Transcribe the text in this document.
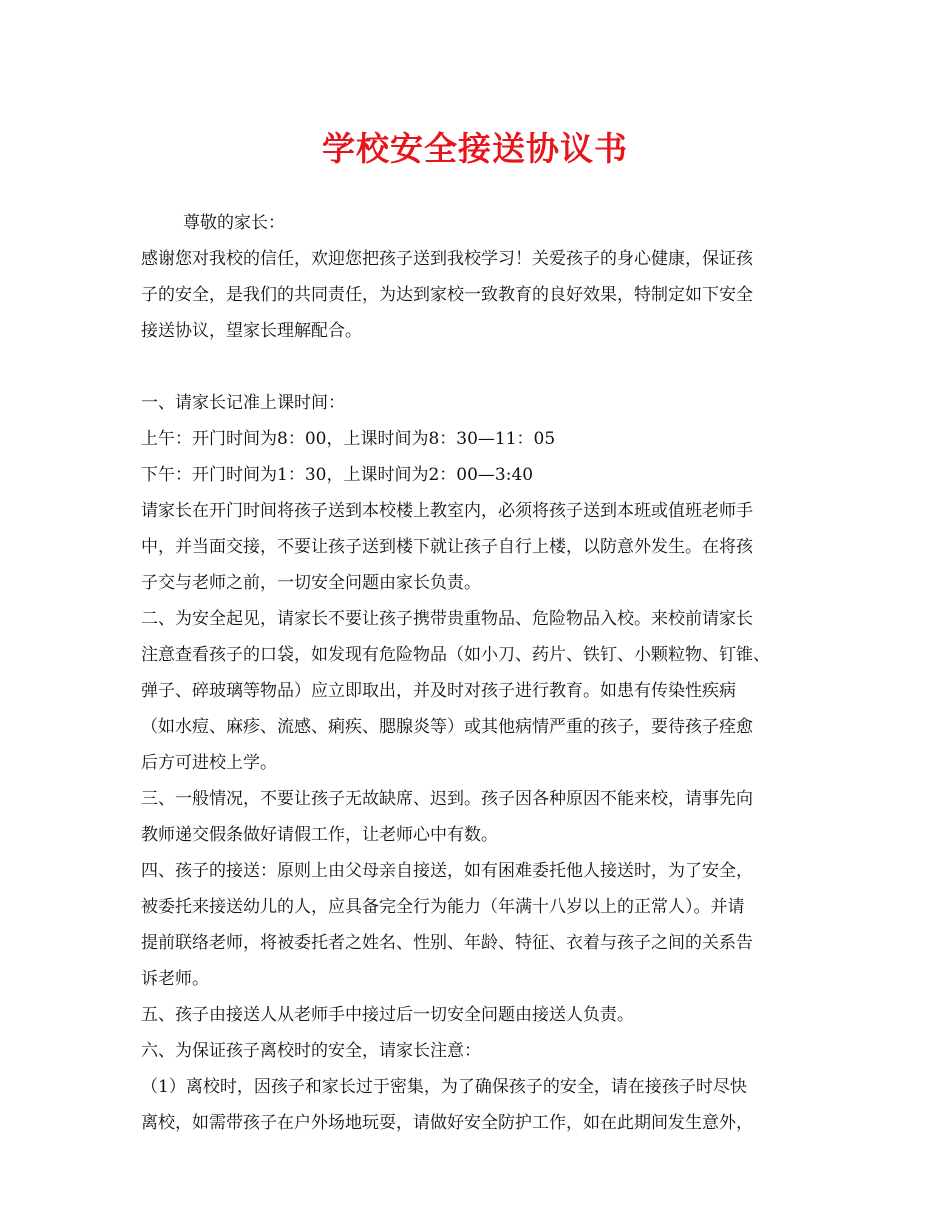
学校安全接送协议书
尊敬的家长：
感谢您对我校的信任，欢迎您把孩子送到我校学习！关爱孩子的身心健康，保证孩
子的安全，是我们的共同责任，为达到家校一致教育的良好效果，特制定如下安全
接送协议，望家长理解配合。
一、请家长记准上课时间：
上午：开门时间为8：00，上课时间为8：30—11：05
下午：开门时间为1：30，上课时间为2：00—3:40
请家长在开门时间将孩子送到本校楼上教室内，必须将孩子送到本班或值班老师手
中，并当面交接，不要让孩子送到楼下就让孩子自行上楼，以防意外发生。在将孩
子交与老师之前，一切安全问题由家长负责。
二、为安全起见，请家长不要让孩子携带贵重物品、危险物品入校。来校前请家长
注意查看孩子的口袋，如发现有危险物品（如小刀、药片、铁钉、小颗粒物、钉锥、
弹子、碎玻璃等物品）应立即取出，并及时对孩子进行教育。如患有传染性疾病
（如水痘、麻疹、流感、痢疾、腮腺炎等）或其他病情严重的孩子，要待孩子痊愈
后方可进校上学。
三、一般情况，不要让孩子无故缺席、迟到。孩子因各种原因不能来校，请事先向
教师递交假条做好请假工作，让老师心中有数。
四、孩子的接送：原则上由父母亲自接送，如有困难委托他人接送时，为了安全，
被委托来接送幼儿的人，应具备完全行为能力（年满十八岁以上的正常人）。并请
提前联络老师，将被委托者之姓名、性别、年龄、特征、衣着与孩子之间的关系告
诉老师。
五、孩子由接送人从老师手中接过后一切安全问题由接送人负责。
六、为保证孩子离校时的安全，请家长注意：
（1）离校时，因孩子和家长过于密集，为了确保孩子的安全，请在接孩子时尽快
离校，如需带孩子在户外场地玩耍，请做好安全防护工作，如在此期间发生意外，
